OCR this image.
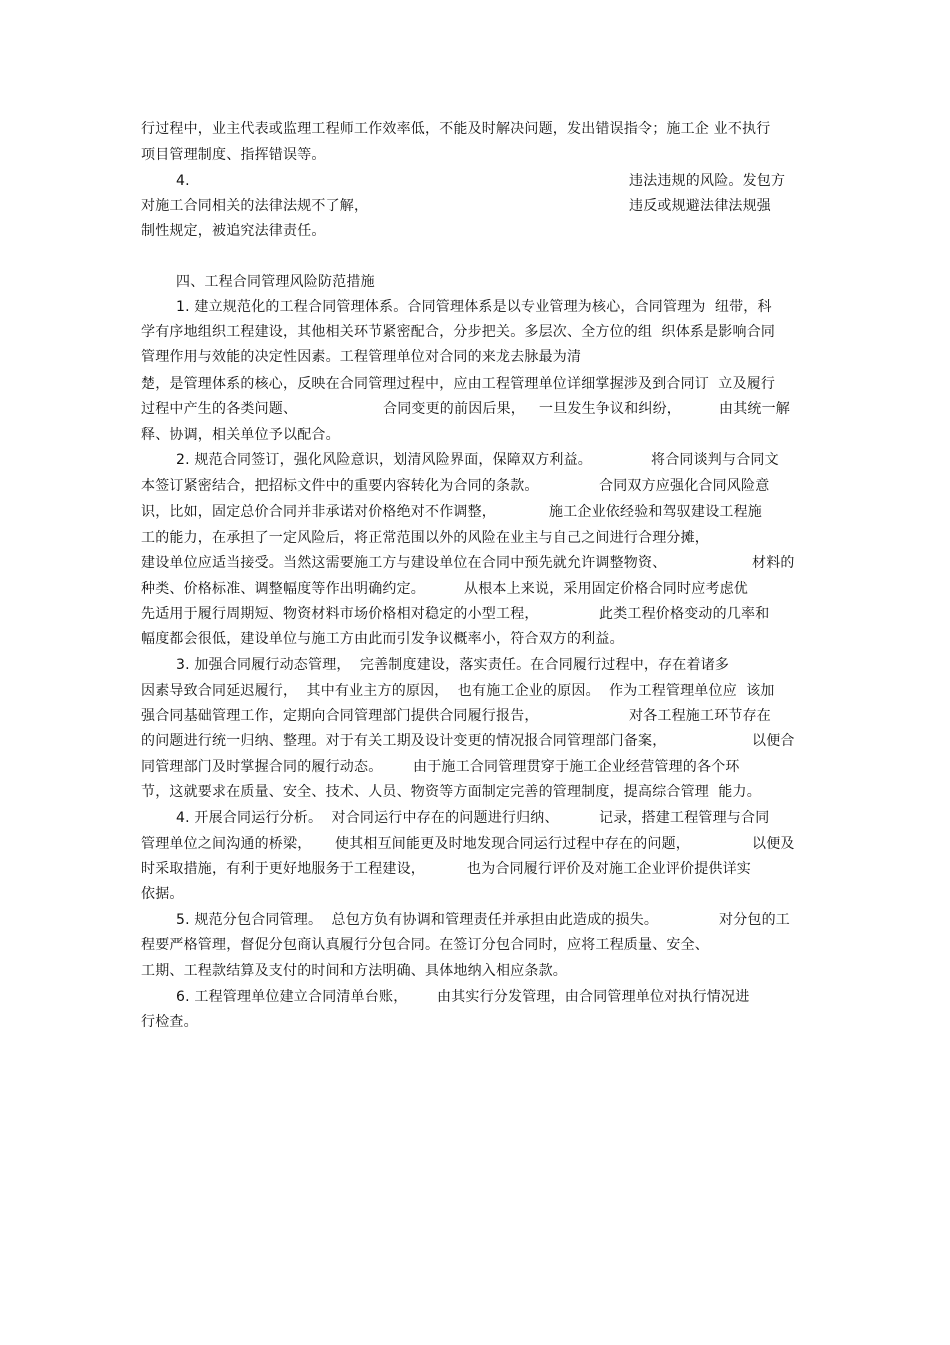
行过程中，业主代表或监理工程师工作效率低，不能及时解决问题，发出错误指令；施工企 业不执行
项目管理制度、指挥错误等。
4.	违法违规的风险。发包方
对施工合同相关的法律法规不了解，	违反或规避法律法规强
制性规定，被追究法律责任。
四、工程合同管理风险防范措施
1. 建立规范化的工程合同管理体系。合同管理体系是以专业管理为核心，合同管理为  纽带，科
学有序地组织工程建设，其他相关环节紧密配合，分步把关。多层次、全方位的组  织体系是影响合同
管理作用与效能的决定性因素。工程管理单位对合同的来龙去脉最为清
楚，是管理体系的核心，反映在合同管理过程中，应由工程管理单位详细掌握涉及到合同订  立及履行
过程中产生的各类问题、	合同变更的前因后果， 一旦发生争议和纠纷，	由其统一解
释、协调，相关单位予以配合。
2. 规范合同签订，强化风险意识，划清风险界面，保障双方利益。	将合同谈判与合同文
本签订紧密结合，把招标文件中的重要内容转化为合同的条款。	合同双方应强化合同风险意
识，比如，固定总价合同并非承诺对价格绝对不作调整，	施工企业依经验和驾驭建设工程施
工的能力，在承担了一定风险后，将正常范围以外的风险在业主与自己之间进行合理分摊，
建设单位应适当接受。当然这需要施工方与建设单位在合同中预先就允许调整物资、	材料的
种类、价格标准、调整幅度等作出明确约定。	从根本上来说，采用固定价格合同时应考虑优
先适用于履行周期短、物资材料市场价格相对稳定的小型工程，	此类工程价格变动的几率和
幅度都会很低，建设单位与施工方由此而引发争议概率小，符合双方的利益。
3. 加强合同履行动态管理，  完善制度建设，落实责任。在合同履行过程中，存在着诸多
因素导致合同延迟履行，  其中有业主方的原因，  也有施工企业的原因。  作为工程管理单位应  该加
强合同基础管理工作，定期向合同管理部门提供合同履行报告，	对各工程施工环节存在
的问题进行统一归纳、整理。对于有关工期及设计变更的情况报合同管理部门备案，	以便合
同管理部门及时掌握合同的履行动态。 由于施工合同管理贯穿于施工企业经营管理的各个环
节，这就要求在质量、安全、技术、人员、物资等方面制定完善的管理制度，提高综合管理  能力。
4. 开展合同运行分析。  对合同运行中存在的问题进行归纳、	记录，搭建工程管理与合同
管理单位之间沟通的桥梁， 使其相互间能更及时地发现合同运行过程中存在的问题，	以便及
时采取措施，有利于更好地服务于工程建设，	也为合同履行评价及对施工企业评价提供详实
依据。
5. 规范分包合同管理。  总包方负有协调和管理责任并承担由此造成的损失。	对分包的工
程要严格管理，督促分包商认真履行分包合同。在签订分包合同时，应将工程质量、安全、
工期、工程款结算及支付的时间和方法明确、具体地纳入相应条款。
6. 工程管理单位建立合同清单台账， 由其实行分发管理，由合同管理单位对执行情况进
行检查。
